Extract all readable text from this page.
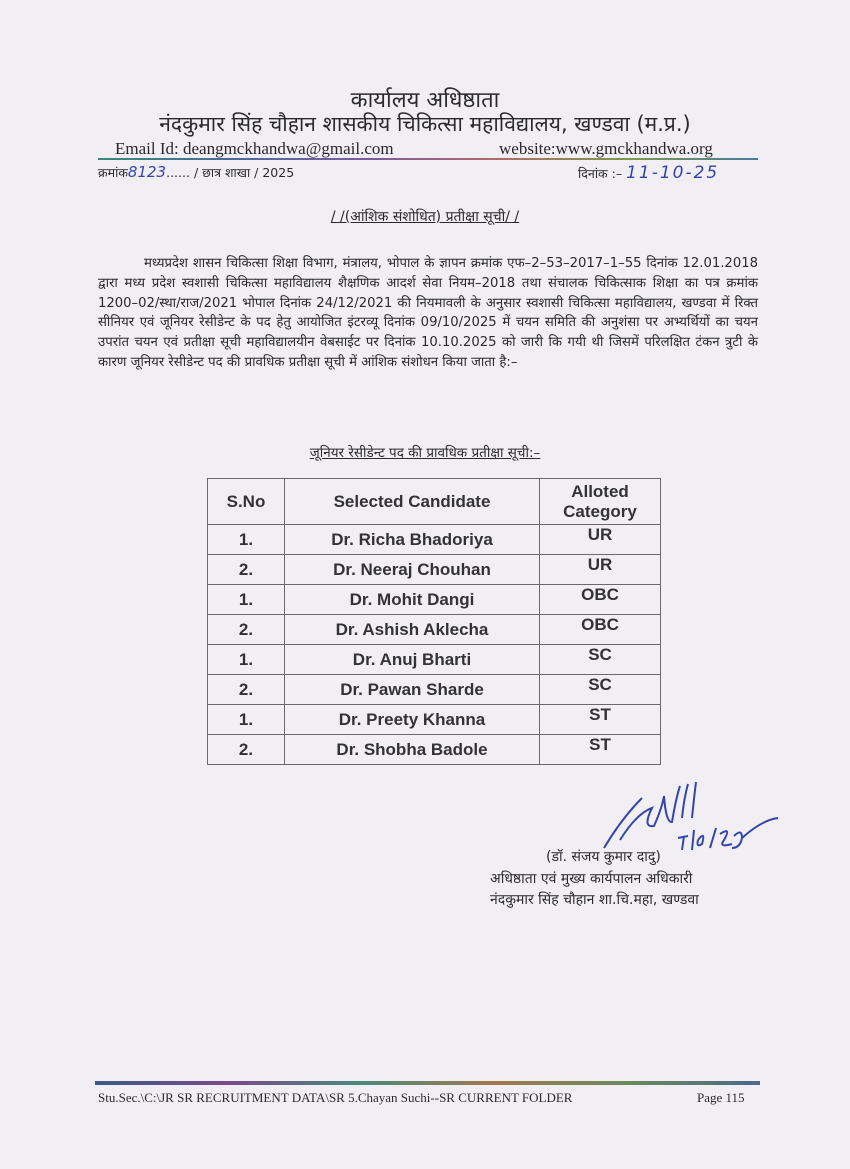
कार्यालय अधिष्ठाता
नंदकुमार सिंह चौहान शासकीय चिकित्सा महाविद्यालय, खण्डवा (म.प्र.)
Email Id: deangmckhandwa@gmail.com	website:www.gmckhandwa.org
क्रमांक8123...... / छात्र शाखा / 2025	दिनांक :– 11-10-25
/ /(आंशिक संशोधित) प्रतीक्षा सूची/ /
मध्यप्रदेश शासन चिकित्सा शिक्षा विभाग, मंत्रालय, भोपाल के ज्ञापन क्रमांक एफ–2–53–2017–1–55 दिनांक 12.01.2018 द्वारा मध्य प्रदेश स्वशासी चिकित्सा महाविद्यालय शैक्षणिक आदर्श सेवा नियम–2018 तथा संचालक चिकित्साक शिक्षा का पत्र क्रमांक 1200–02/स्था/राज/2021 भोपाल दिनांक 24/12/2021 की नियमावली के अनुसार स्वशासी चिकित्सा महाविद्यालय, खण्डवा में रिक्त सीनियर एवं जूनियर रेसीडेन्ट के पद हेतु आयोजित इंटरव्यू दिनांक 09/10/2025 में चयन समिति की अनुशंसा पर अभ्यर्थियों का चयन उपरांत चयन एवं प्रतीक्षा सूची महाविद्यालयीन वेबसाईट पर दिनांक 10.10.2025 को जारी कि गयी थी जिसमें परिलक्षित टंकन त्रुटी के कारण जूनियर रेसीडेन्ट पद की प्रावधिक प्रतीक्षा सूची में आंशिक संशोधन किया जाता है:–
जूनियर रेसीडेन्ट पद की प्रावधिक प्रतीक्षा सूची:–
S.No	Selected Candidate	Alloted Category
1.	Dr. Richa Bhadoriya	UR
2.	Dr. Neeraj Chouhan	UR
1.	Dr. Mohit Dangi	OBC
2.	Dr. Ashish Aklecha	OBC
1.	Dr. Anuj Bharti	SC
2.	Dr. Pawan Sharde	SC
1.	Dr. Preety Khanna	ST
2.	Dr. Shobha Badole	ST
(डॉ. संजय कुमार दादु)
अधिष्ठाता एवं मुख्य कार्यपालन अधिकारी
नंदकुमार सिंह चौहान शा.चि.महा, खण्डवा
Stu.Sec.\C:\JR SR RECRUITMENT DATA\SR 5.Chayan Suchi--SR CURRENT FOLDER	Page 115
